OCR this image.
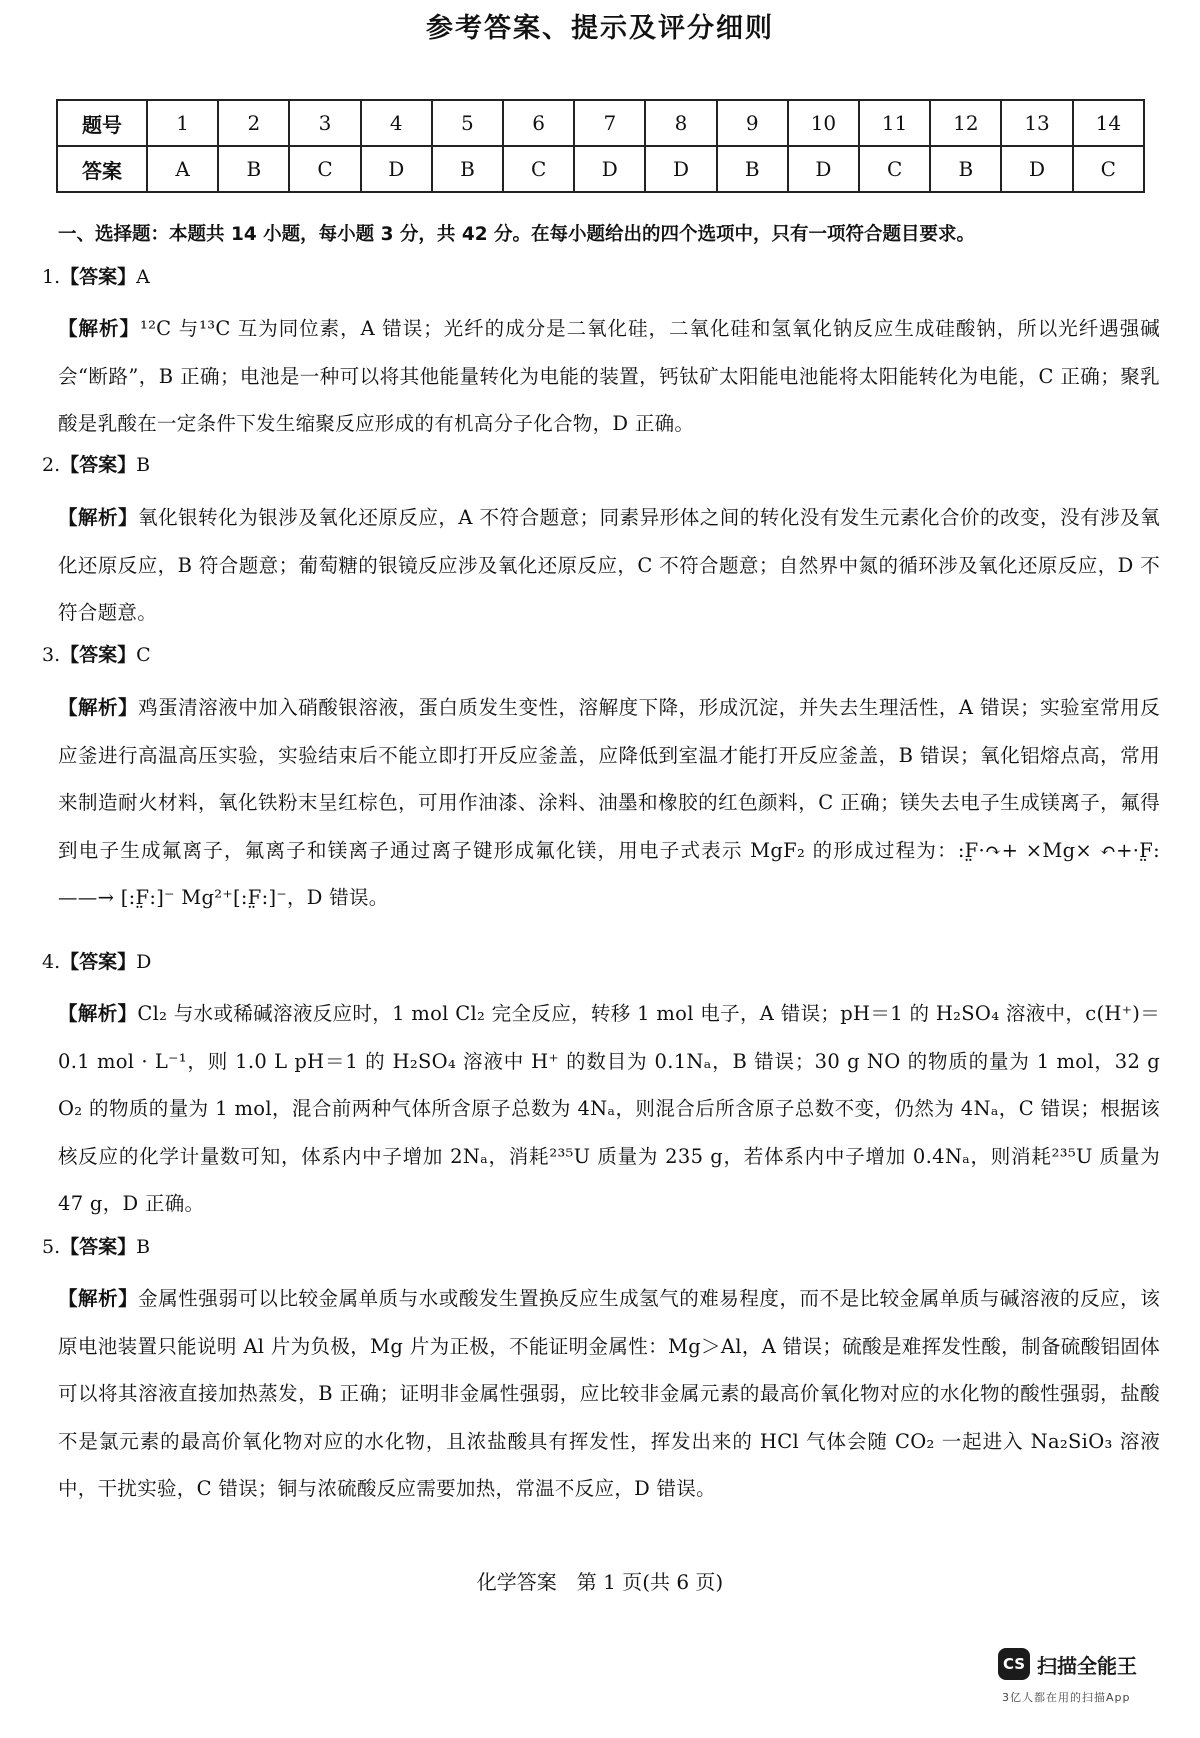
参考答案、提示及评分细则
题号	1	2	3	4	5	6	7	8	9	10	11	12	13	14
答案	A	B	C	D	B	C	D	D	B	D	C	B	D	C
一、选择题：本题共 14 小题，每小题 3 分，共 42 分。在每小题给出的四个选项中，只有一项符合题目要求。
1.【答案】A
【解析】¹²C 与¹³C 互为同位素，A 错误；光纤的成分是二氧化硅，二氧化硅和氢氧化钠反应生成硅酸钠，所以光纤遇强碱会“断路”，B 正确；电池是一种可以将其他能量转化为电能的装置，钙钛矿太阳能电池能将太阳能转化为电能，C 正确；聚乳酸是乳酸在一定条件下发生缩聚反应形成的有机高分子化合物，D 正确。
2.【答案】B
【解析】氧化银转化为银涉及氧化还原反应，A 不符合题意；同素异形体之间的转化没有发生元素化合价的改变，没有涉及氧化还原反应，B 符合题意；葡萄糖的银镜反应涉及氧化还原反应，C 不符合题意；自然界中氮的循环涉及氧化还原反应，D 不符合题意。
3.【答案】C
【解析】鸡蛋清溶液中加入硝酸银溶液，蛋白质发生变性，溶解度下降，形成沉淀，并失去生理活性，A 错误；实验室常用反应釜进行高温高压实验，实验结束后不能立即打开反应釜盖，应降低到室温才能打开反应釜盖，B 错误；氧化铝熔点高，常用来制造耐火材料，氧化铁粉末呈红棕色，可用作油漆、涂料、油墨和橡胶的红色颜料，C 正确；镁失去电子生成镁离子，氟得到电子生成氟离子，氟离子和镁离子通过离子键形成氟化镁，用电子式表示 MgF₂ 的形成过程为：:F̤·↷+ ×Mg× ↶+·F̤: ——→ [:F̤:]⁻ Mg²⁺[:F̤:]⁻，D 错误。
4.【答案】D
【解析】Cl₂ 与水或稀碱溶液反应时，1 mol Cl₂ 完全反应，转移 1 mol 电子，A 错误；pH＝1 的 H₂SO₄ 溶液中，c(H⁺)＝0.1 mol · L⁻¹，则 1.0 L pH＝1 的 H₂SO₄ 溶液中 H⁺ 的数目为 0.1Nₐ，B 错误；30 g NO 的物质的量为 1 mol，32 g O₂ 的物质的量为 1 mol，混合前两种气体所含原子总数为 4Nₐ，则混合后所含原子总数不变，仍然为 4Nₐ，C 错误；根据该核反应的化学计量数可知，体系内中子增加 2Nₐ，消耗²³⁵U 质量为 235 g，若体系内中子增加 0.4Nₐ，则消耗²³⁵U 质量为 47 g，D 正确。
5.【答案】B
【解析】金属性强弱可以比较金属单质与水或酸发生置换反应生成氢气的难易程度，而不是比较金属单质与碱溶液的反应，该原电池装置只能说明 Al 片为负极，Mg 片为正极，不能证明金属性：Mg＞Al，A 错误；硫酸是难挥发性酸，制备硫酸铝固体可以将其溶液直接加热蒸发，B 正确；证明非金属性强弱，应比较非金属元素的最高价氧化物对应的水化物的酸性强弱，盐酸不是氯元素的最高价氧化物对应的水化物，且浓盐酸具有挥发性，挥发出来的 HCl 气体会随 CO₂ 一起进入 Na₂SiO₃ 溶液中，干扰实验，C 错误；铜与浓硫酸反应需要加热，常温不反应，D 错误。
化学答案　第 1 页(共 6 页)
CS 扫描全能王
3亿人都在用的扫描App
